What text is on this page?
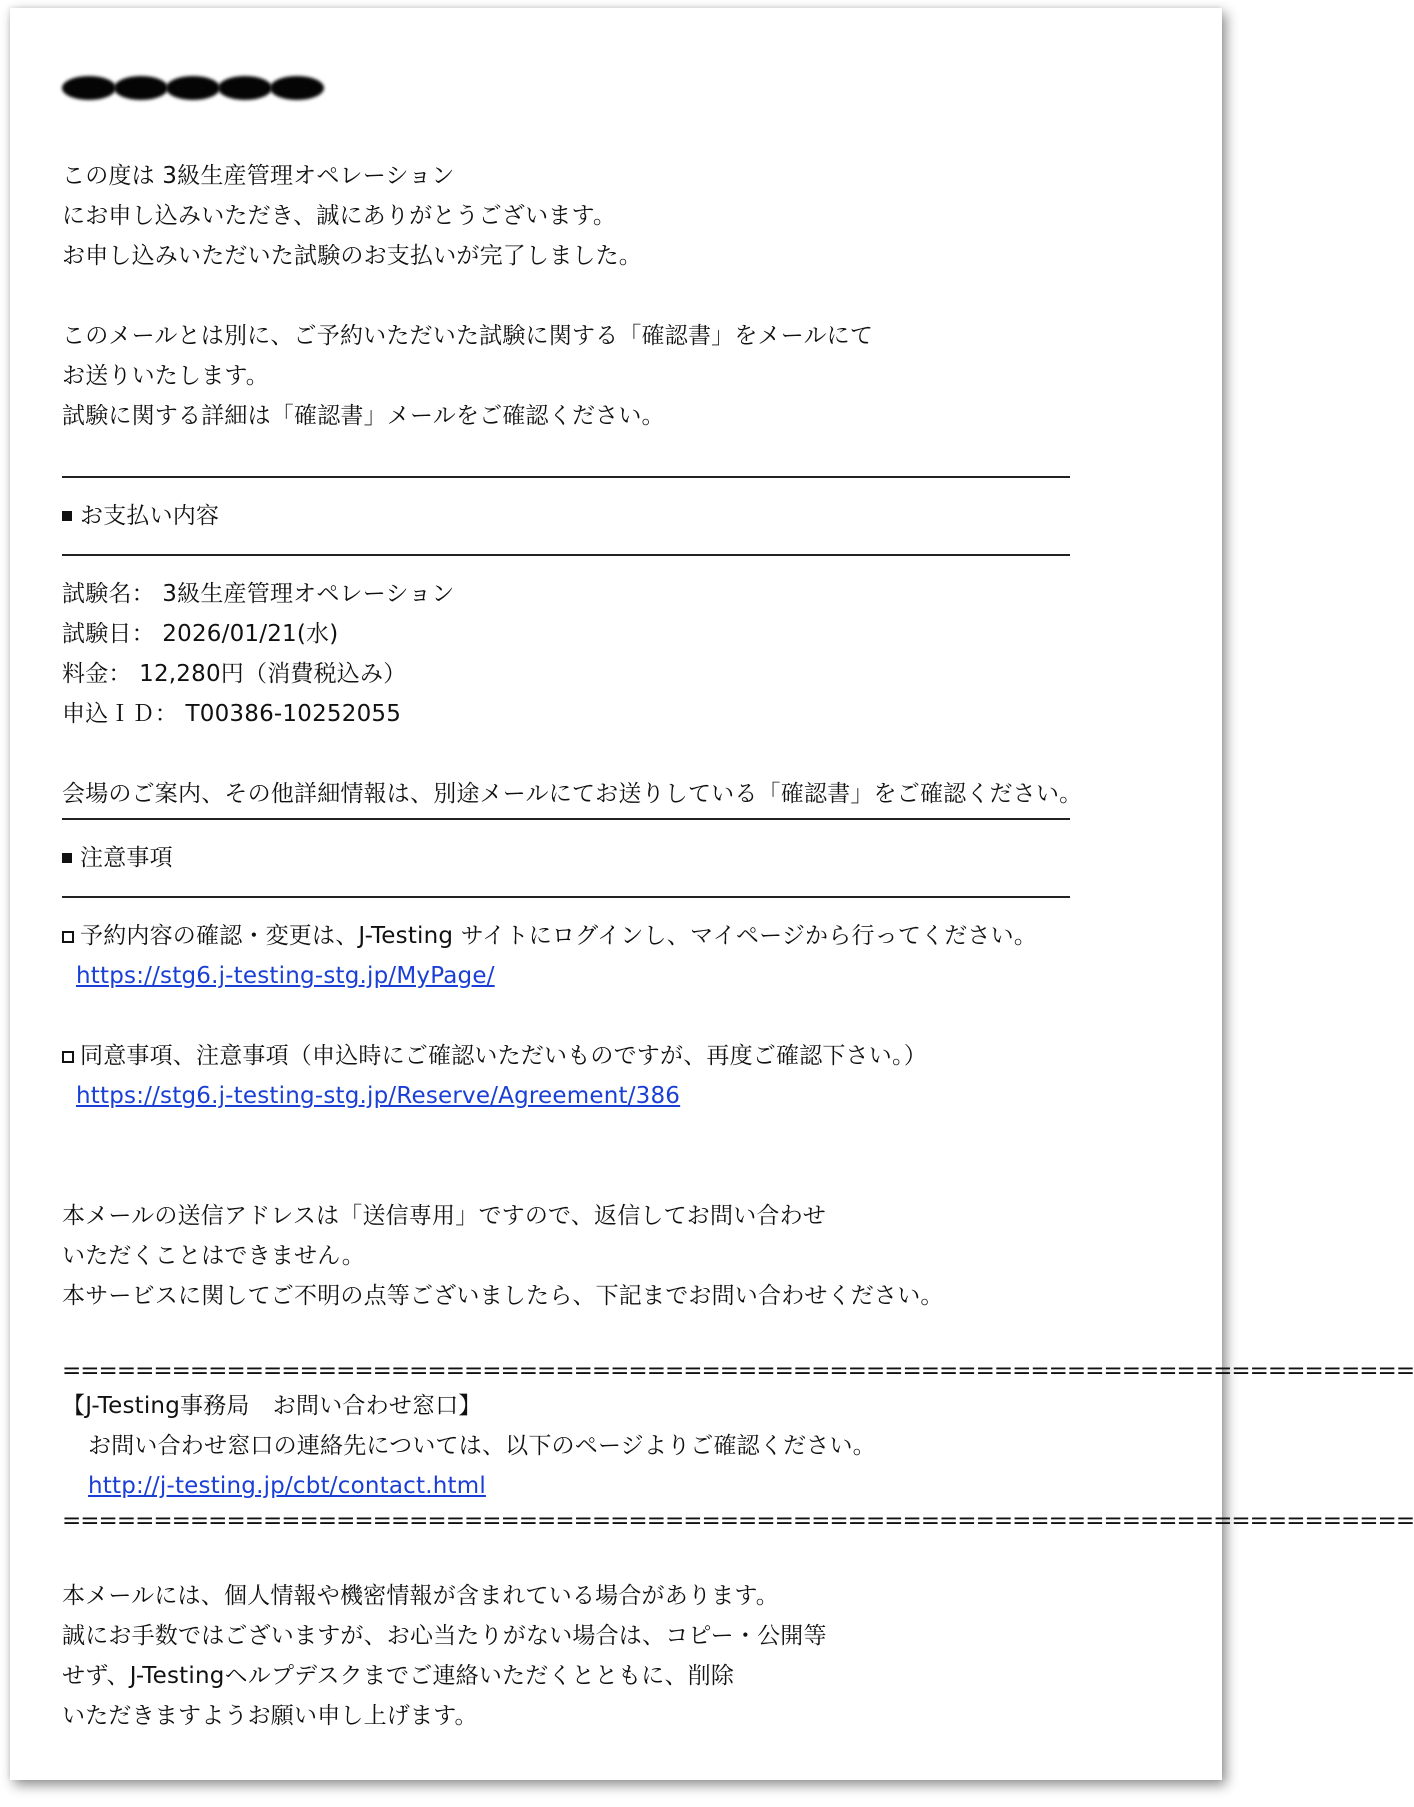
この度は 3級生産管理オペレーション
にお申し込みいただき、誠にありがとうございます。
お申し込みいただいた試験のお支払いが完了しました。
このメールとは別に、ご予約いただいた試験に関する「確認書」をメールにて
お送りいたします。
試験に関する詳細は「確認書」メールをご確認ください。
お支払い内容
試験名： 3級生産管理オペレーション
試験日： 2026/01/21(水)
料金： 12,280円（消費税込み）
申込ＩＤ： T00386-10252055
会場のご案内、その他詳細情報は、別途メールにてお送りしている「確認書」をご確認ください。
注意事項
予約内容の確認・変更は、J-Testing サイトにログインし、マイページから行ってください。
https://stg6.j-testing-stg.jp/MyPage/
同意事項、注意事項（申込時にご確認いただいものですが、再度ご確認下さい。）
https://stg6.j-testing-stg.jp/Reserve/Agreement/386
本メールの送信アドレスは「送信専用」ですので、返信してお問い合わせ
いただくことはできません。
本サービスに関してご不明の点等ございましたら、下記までお問い合わせください。
==========================================================================
【J-Testing事務局　お問い合わせ窓口】
お問い合わせ窓口の連絡先については、以下のページよりご確認ください。
http://j-testing.jp/cbt/contact.html
==========================================================================
本メールには、個人情報や機密情報が含まれている場合があります。
誠にお手数ではございますが、お心当たりがない場合は、コピー・公開等
せず、J-Testingヘルプデスクまでご連絡いただくとともに、削除
いただきますようお願い申し上げます。
